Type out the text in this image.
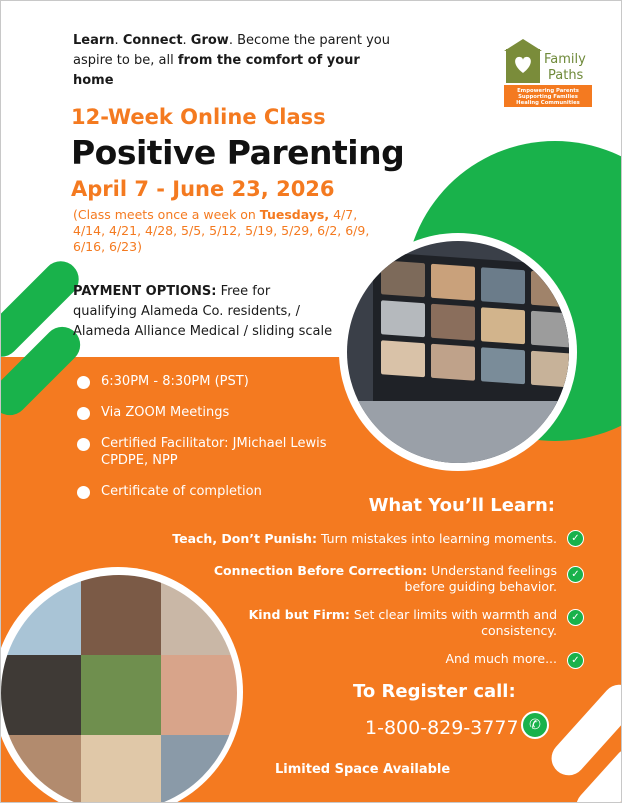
Learn. Connect. Grow. Become the parent you aspire to be, all from the comfort of your home
Family
Paths
Empowering Parents
Supporting Families
Healing Communities
12-Week Online Class
Positive Parenting
April 7 - June 23, 2026
(Class meets once a week on Tuesdays, 4/7, 4/14, 4/21, 4/28, 5/5, 5/12, 5/19, 5/29, 6/2, 6/9, 6/16, 6/23)
PAYMENT OPTIONS: Free for qualifying Alameda Co. residents, / Alameda Alliance Medical / sliding scale
6:30PM - 8:30PM (PST)
Via ZOOM Meetings
Certified Facilitator: JMichael Lewis CPDPE, NPP
Certificate of completion
What You’ll Learn:
Teach, Don’t Punish: Turn mistakes into learning moments.	✓
Connection Before Correction: Understand feelings before guiding behavior.
✓
Kind but Firm: Set clear limits with warmth and consistency.
✓
And much more...	✓
To Register call:
1-800-829-3777 ✆
Limited Space Available
